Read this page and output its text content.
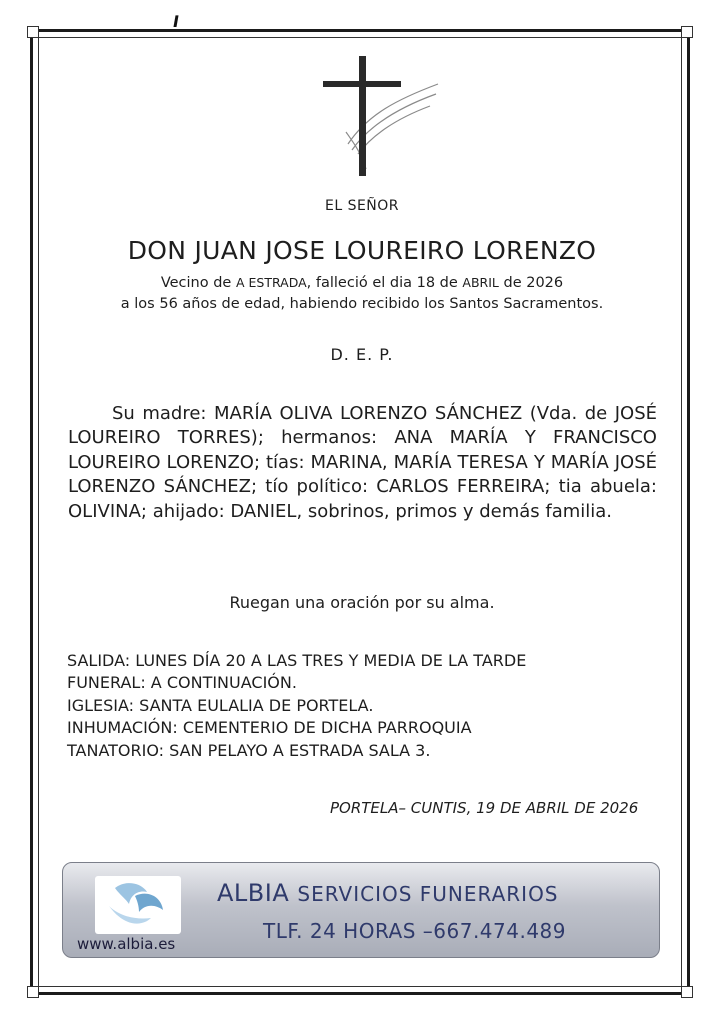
I
EL SEÑOR
DON JUAN JOSE LOUREIRO LORENZO
Vecino de A ESTRADA, falleció el dia 18 de ABRIL de 2026
a los 56 años de edad, habiendo recibido los Santos Sacramentos.
D. E. P.
Su madre: MARÍA OLIVA LORENZO SÁNCHEZ (Vda. de JOSÉ LOUREIRO TORRES); hermanos: ANA MARÍA Y FRANCISCO LOUREIRO LORENZO; tías: MARINA, MARÍA TERESA Y MARÍA JOSÉ LORENZO SÁNCHEZ; tío político: CARLOS FERREIRA; tia abuela: OLIVINA; ahijado: DANIEL, sobrinos, primos y demás familia.
Ruegan una oración por su alma.
SALIDA: LUNES DÍA 20 A LAS TRES Y MEDIA DE LA TARDE
FUNERAL: A CONTINUACIÓN.
IGLESIA: SANTA EULALIA DE PORTELA.
INHUMACIÓN: CEMENTERIO DE DICHA PARROQUIA
TANATORIO: SAN PELAYO A ESTRADA SALA 3.
PORTELA– CUNTIS, 19 DE ABRIL DE 2026
www.albia.es
ALBIA SERVICIOS FUNERARIOS
TLF. 24 HORAS –667.474.489
